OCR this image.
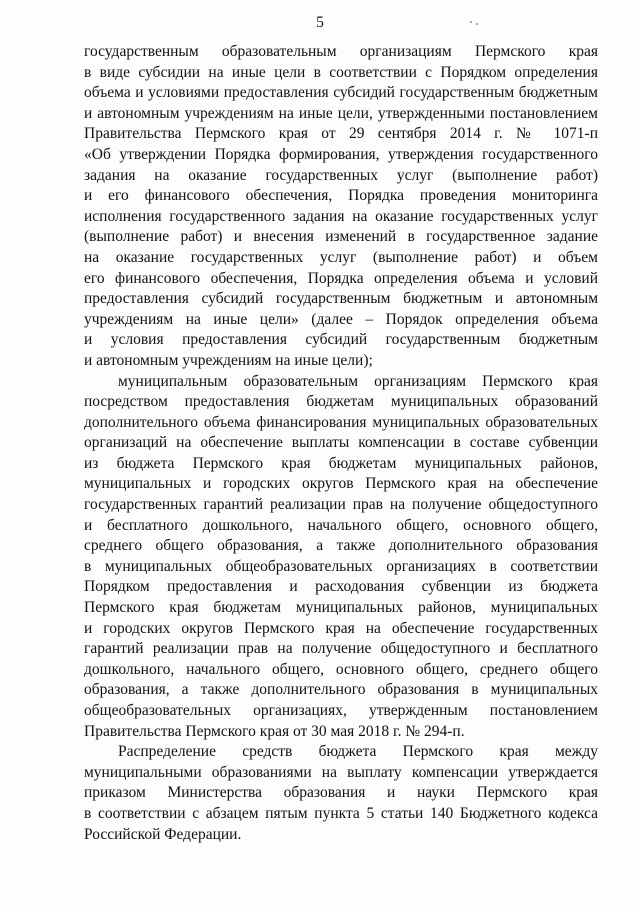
5
государственным образовательным организациям Пермского края
в виде субсидии на иные цели в соответствии с Порядком определения
объема и условиями предоставления субсидий государственным бюджетным
и автономным учреждениям на иные цели, утвержденными постановлением
Правительства Пермского края от 29 сентября 2014 г. № 1071-п
«Об утверждении Порядка формирования, утверждения государственного
задания на оказание государственных услуг (выполнение работ)
и его финансового обеспечения, Порядка проведения мониторинга
исполнения государственного задания на оказание государственных услуг
(выполнение работ) и внесения изменений в государственное задание
на оказание государственных услуг (выполнение работ) и объем
его финансового обеспечения, Порядка определения объема и условий
предоставления субсидий государственным бюджетным и автономным
учреждениям на иные цели» (далее – Порядок определения объема
и условия предоставления субсидий государственным бюджетным
и автономным учреждениям на иные цели);
муниципальным образовательным организациям Пермского края
посредством предоставления бюджетам муниципальных образований
дополнительного объема финансирования муниципальных образовательных
организаций на обеспечение выплаты компенсации в составе субвенции
из бюджета Пермского края бюджетам муниципальных районов,
муниципальных и городских округов Пермского края на обеспечение
государственных гарантий реализации прав на получение общедоступного
и бесплатного дошкольного, начального общего, основного общего,
среднего общего образования, а также дополнительного образования
в муниципальных общеобразовательных организациях в соответствии
Порядком предоставления и расходования субвенции из бюджета
Пермского края бюджетам муниципальных районов, муниципальных
и городских округов Пермского края на обеспечение государственных
гарантий реализации прав на получение общедоступного и бесплатного
дошкольного, начального общего, основного общего, среднего общего
образования, а также дополнительного образования в муниципальных
общеобразовательных организациях, утвержденным постановлением
Правительства Пермского края от 30 мая 2018 г. № 294-п.
Распределение средств бюджета Пермского края между
муниципальными образованиями на выплату компенсации утверждается
приказом Министерства образования и науки Пермского края
в соответствии с абзацем пятым пункта 5 статьи 140 Бюджетного кодекса
Российской Федерации.
